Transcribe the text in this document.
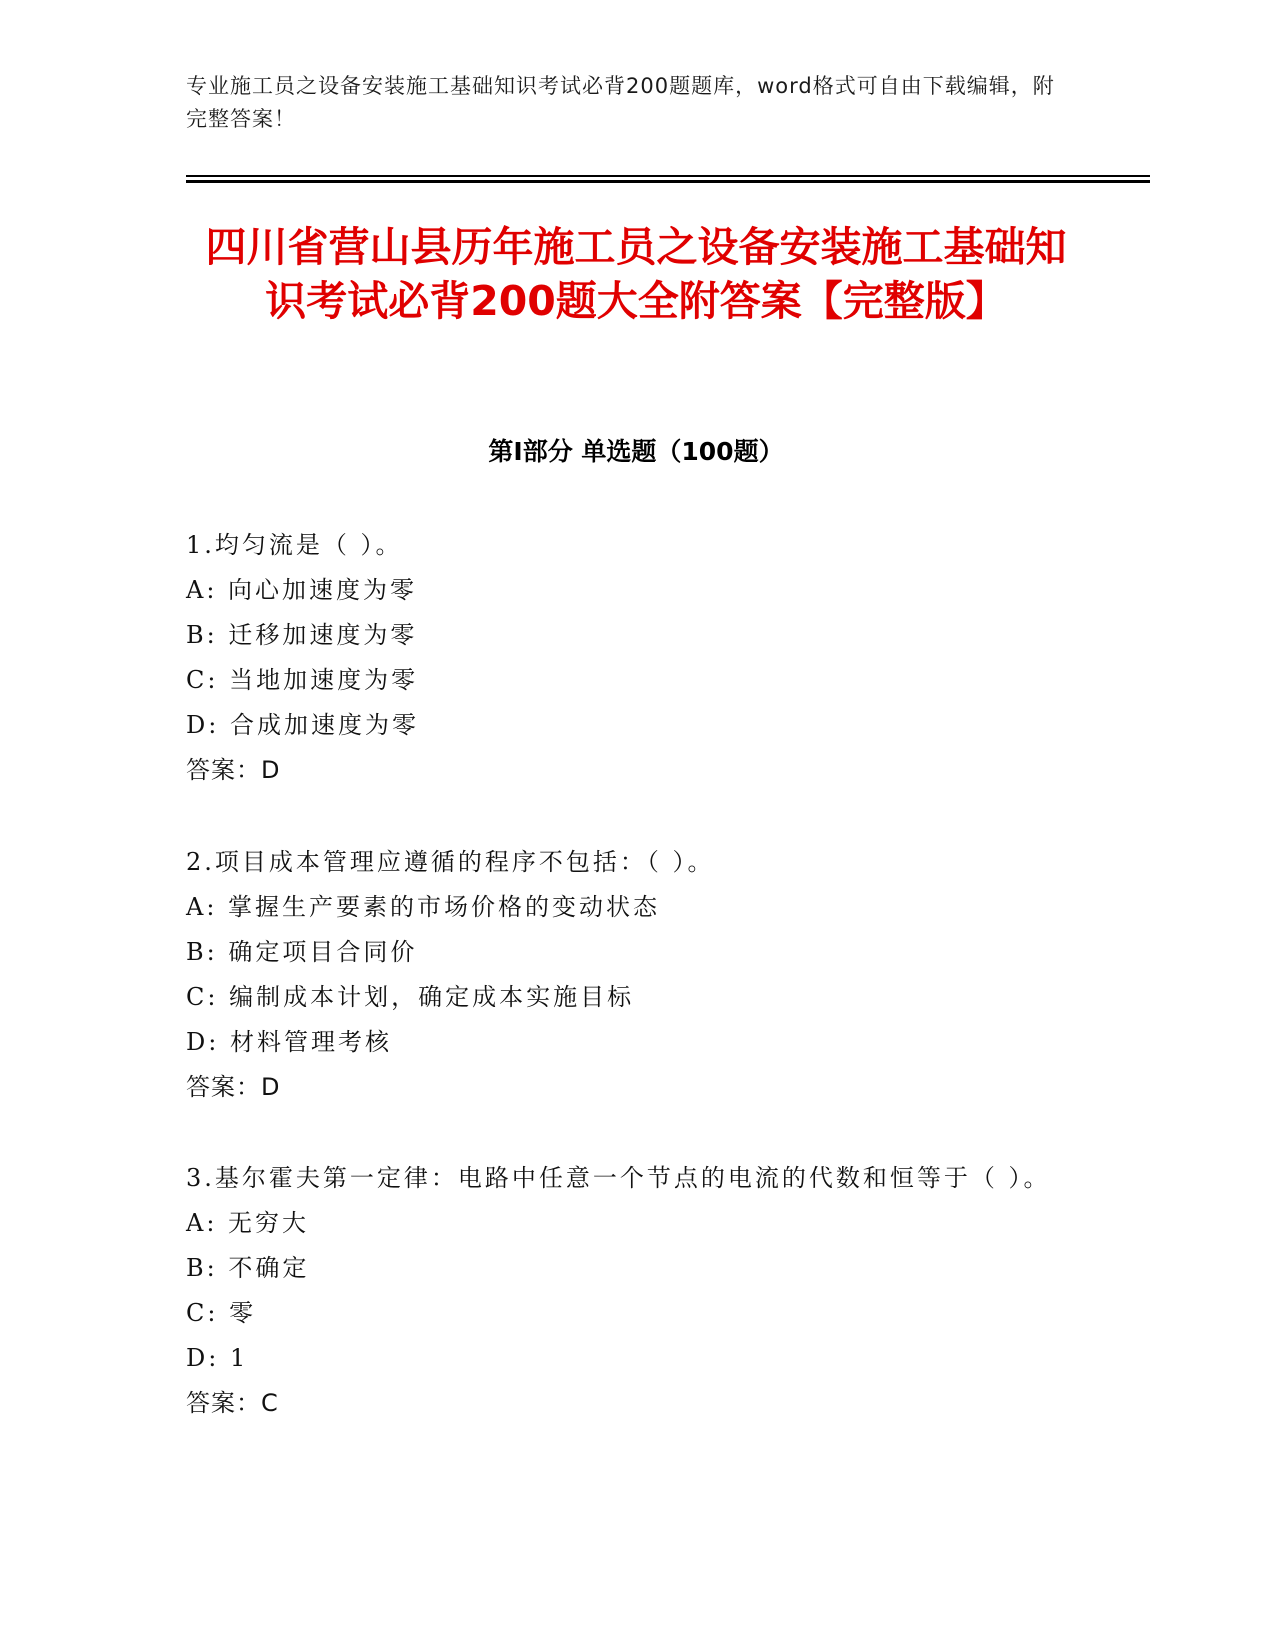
专业施工员之设备安装施工基础知识考试必背200题题库，word格式可自由下载编辑，附完整答案！

四川省营山县历年施工员之设备安装施工基础知识考试必背200题大全附答案【完整版】
第I部分 单选题（100题）
1.均匀流是（ ）。
A: 向心加速度为零
B: 迁移加速度为零
C: 当地加速度为零
D: 合成加速度为零
答案：D
2.项目成本管理应遵循的程序不包括：（ ）。
A: 掌握生产要素的市场价格的变动状态
B: 确定项目合同价
C: 编制成本计划，确定成本实施目标
D: 材料管理考核
答案：D
3.基尔霍夫第一定律：电路中任意一个节点的电流的代数和恒等于（ ）。
A: 无穷大
B: 不确定
C: 零
D: 1
答案：C
